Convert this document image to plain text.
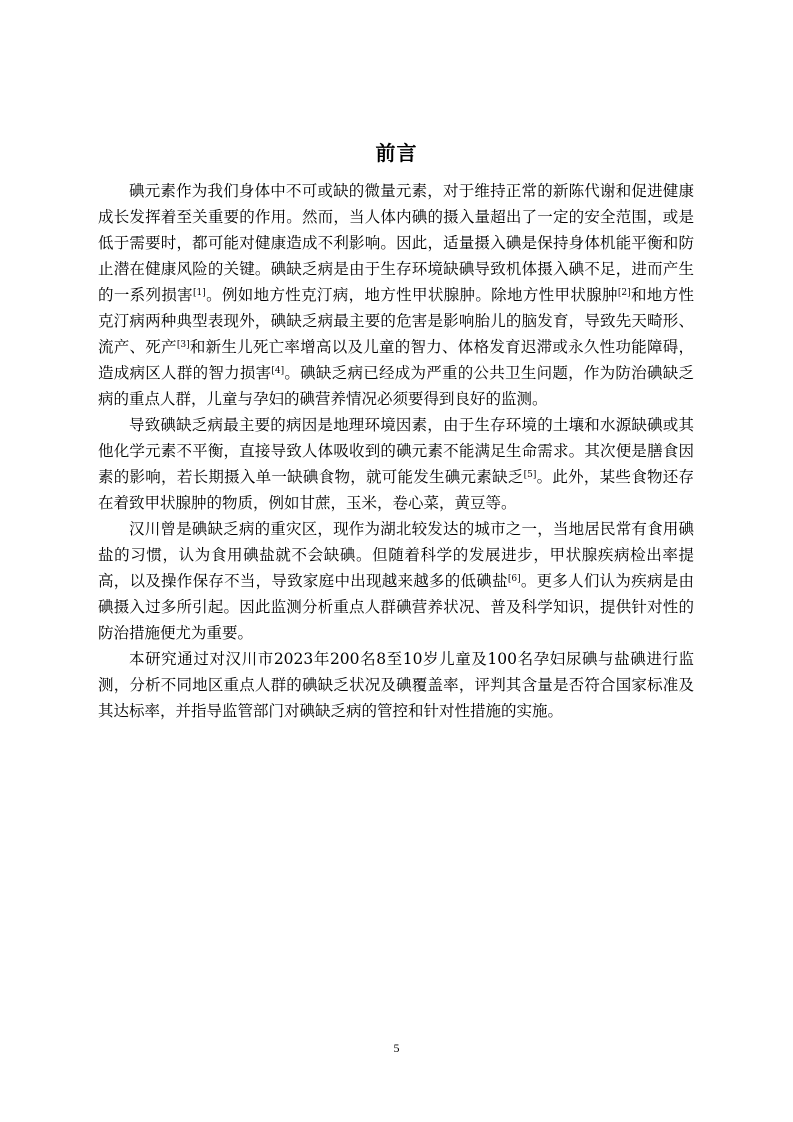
前言

碘元素作为我们身体中不可或缺的微量元素，对于维持正常的新陈代谢和促进健康成长发挥着至关重要的作用。然而，当人体内碘的摄入量超出了一定的安全范围，或是低于需要时，都可能对健康造成不利影响。因此，适量摄入碘是保持身体机能平衡和防止潜在健康风险的关键。碘缺乏病是由于生存环境缺碘导致机体摄入碘不足，进而产生的一系列损害[1]。例如地方性克汀病，地方性甲状腺肿。除地方性甲状腺肿[2]和地方性克汀病两种典型表现外，碘缺乏病最主要的危害是影响胎儿的脑发育，导致先天畸形、流产、死产[3]和新生儿死亡率增高以及儿童的智力、体格发育迟滞或永久性功能障碍，造成病区人群的智力损害[4]。碘缺乏病已经成为严重的公共卫生问题，作为防治碘缺乏病的重点人群，儿童与孕妇的碘营养情况必须要得到良好的监测。

导致碘缺乏病最主要的病因是地理环境因素，由于生存环境的土壤和水源缺碘或其他化学元素不平衡，直接导致人体吸收到的碘元素不能满足生命需求。其次便是膳食因素的影响，若长期摄入单一缺碘食物，就可能发生碘元素缺乏[5]。此外，某些食物还存在着致甲状腺肿的物质，例如甘蔗，玉米，卷心菜，黄豆等。

汉川曾是碘缺乏病的重灾区，现作为湖北较发达的城市之一，当地居民常有食用碘盐的习惯，认为食用碘盐就不会缺碘。但随着科学的发展进步，甲状腺疾病检出率提高，以及操作保存不当，导致家庭中出现越来越多的低碘盐[6]。更多人们认为疾病是由碘摄入过多所引起。因此监测分析重点人群碘营养状况、普及科学知识，提供针对性的防治措施便尤为重要。

本研究通过对汉川市2023年200名8至10岁儿童及100名孕妇尿碘与盐碘进行监测，分析不同地区重点人群的碘缺乏状况及碘覆盖率，评判其含量是否符合国家标准及其达标率，并指导监管部门对碘缺乏病的管控和针对性措施的实施。

5
